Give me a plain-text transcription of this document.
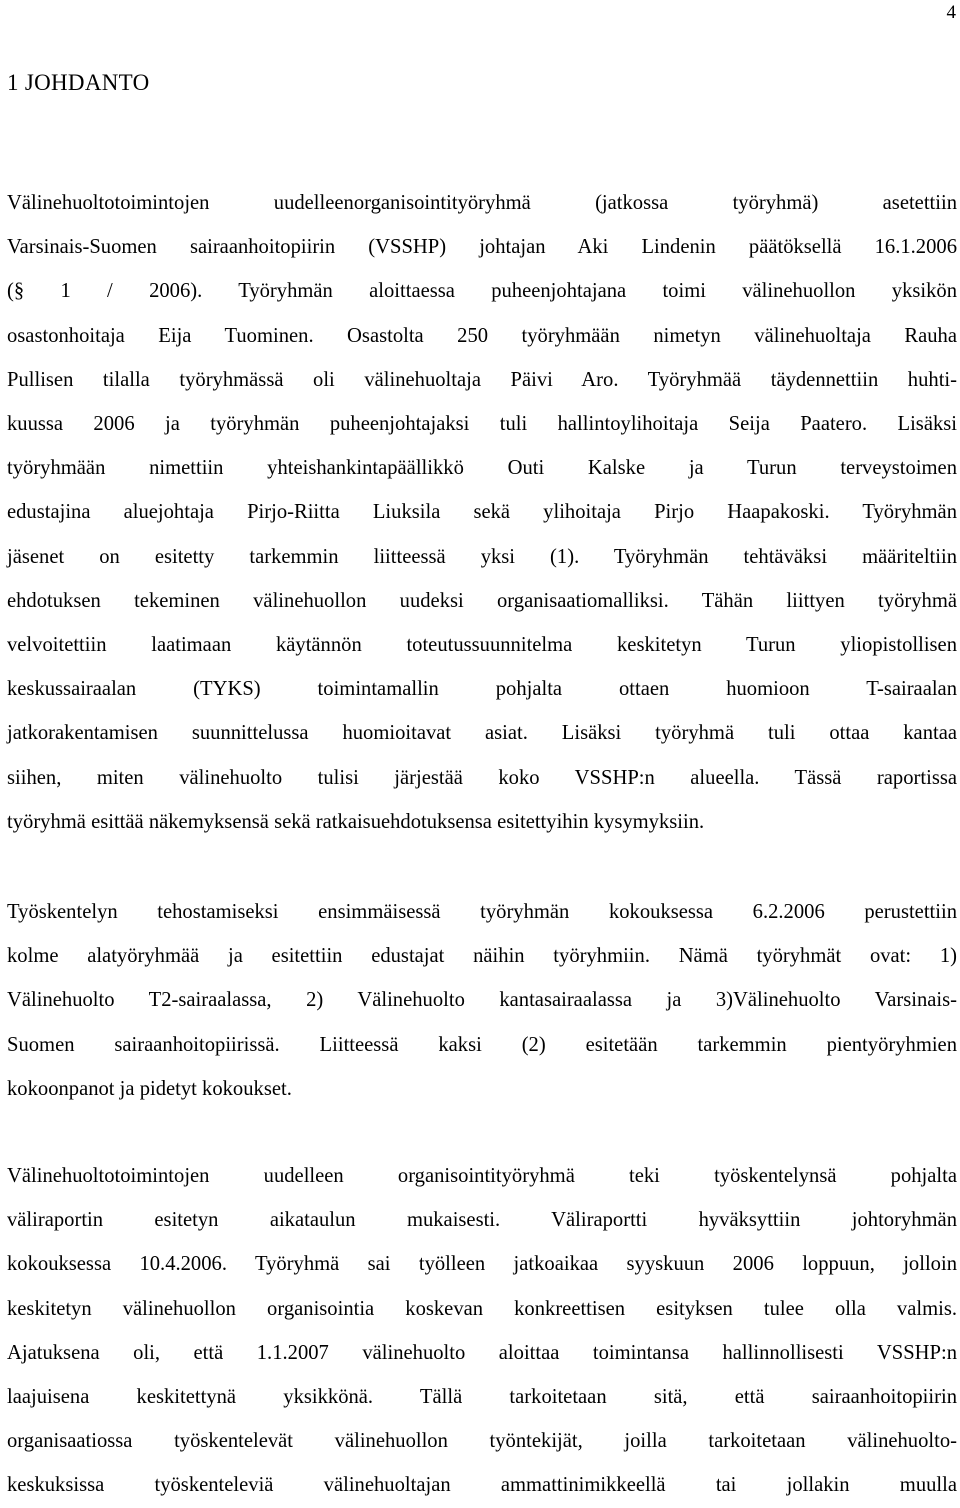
4
1 JOHDANTO
Välinehuoltotoimintojen uudelleenorganisointityöryhmä (jatkossa työryhmä) asetettiin
Varsinais-Suomen sairaanhoitopiirin (VSSHP) johtajan Aki Lindenin päätöksellä 16.1.2006
(§ 1 / 2006). Työryhmän aloittaessa puheenjohtajana toimi välinehuollon yksikön
osastonhoitaja Eija Tuominen. Osastolta 250 työryhmään nimetyn välinehuoltaja Rauha
Pullisen tilalla työryhmässä oli välinehuoltaja Päivi Aro. Työryhmää täydennettiin huhti-
kuussa 2006 ja työryhmän puheenjohtajaksi tuli hallintoylihoitaja Seija Paatero. Lisäksi
työryhmään nimettiin yhteishankintapäällikkö Outi Kalske ja Turun terveystoimen
edustajina aluejohtaja Pirjo-Riitta Liuksila sekä ylihoitaja Pirjo Haapakoski. Työryhmän
jäsenet on esitetty tarkemmin liitteessä yksi (1). Työryhmän tehtäväksi määriteltiin
ehdotuksen tekeminen välinehuollon uudeksi organisaatiomalliksi. Tähän liittyen työryhmä
velvoitettiin laatimaan käytännön toteutussuunnitelma keskitetyn Turun yliopistollisen
keskussairaalan (TYKS) toimintamallin pohjalta ottaen huomioon T-sairaalan
jatkorakentamisen suunnittelussa huomioitavat asiat. Lisäksi työryhmä tuli ottaa kantaa
siihen, miten välinehuolto tulisi järjestää koko VSSHP:n alueella. Tässä raportissa
työryhmä esittää näkemyksensä sekä ratkaisuehdotuksensa esitettyihin kysymyksiin.
Työskentelyn tehostamiseksi ensimmäisessä työryhmän kokouksessa 6.2.2006 perustettiin
kolme alatyöryhmää ja esitettiin edustajat näihin työryhmiin. Nämä työryhmät ovat: 1)
Välinehuolto T2-sairaalassa, 2) Välinehuolto kantasairaalassa ja 3)Välinehuolto Varsinais-
Suomen sairaanhoitopiirissä. Liitteessä kaksi (2) esitetään tarkemmin pientyöryhmien
kokoonpanot ja pidetyt kokoukset.
Välinehuoltotoimintojen uudelleen organisointityöryhmä teki työskentelynsä pohjalta
väliraportin esitetyn aikataulun mukaisesti. Väliraportti hyväksyttiin johtoryhmän
kokouksessa 10.4.2006. Työryhmä sai työlleen jatkoaikaa syyskuun 2006 loppuun, jolloin
keskitetyn välinehuollon organisointia koskevan konkreettisen esityksen tulee olla valmis.
Ajatuksena oli, että 1.1.2007 välinehuolto aloittaa toimintansa hallinnollisesti VSSHP:n
laajuisena keskitettynä yksikkönä. Tällä tarkoitetaan sitä, että sairaanhoitopiirin
organisaatiossa työskentelevät välinehuollon työntekijät, joilla tarkoitetaan välinehuolto-
keskuksissa työskenteleviä välinehuoltajan ammattinimikkeellä tai jollakin muulla
